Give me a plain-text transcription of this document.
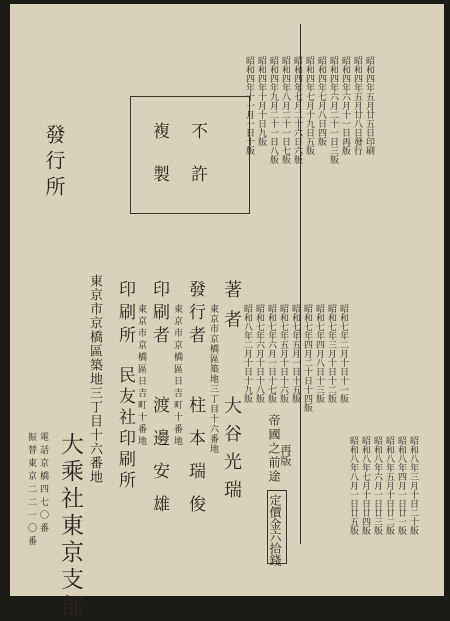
不許
複製
發行所
昭和四年五月廿五日印刷
昭和四年五月廿八日發行
昭和四年六月十一日再版
昭和四年六月二十一日三版
昭和四年七月八日四版
昭和四年七月十九日五版
昭和四年七月二十六日六版
昭和四年八月二十一日七版
昭和四年九月二十一日八版
昭和四年十月十日九版
昭和四年十一月一日十版
昭和七年二月十日十一版
昭和七年三月十日十二版
昭和七年四月八日十三版
昭和七年四月二十日十四版
昭和七年五月一日十五版
昭和七年五月十日十六版
昭和七年六月一日十七版
昭和七年六月十日十八版
昭和八年二月十日十九版
昭和八年三月十日二十版
昭和八年四月一日廿一版
昭和八年五月十日廿二版
昭和八年六月一日廿三版
昭和八年七月十日廿四版
昭和八年八月一日廿五版
再版
帝國之前途
定價金六拾錢
著者
大谷光瑞
東京市京橋區築地三丁目十六番地
發行者
柱本瑞俊
東京市京橋區日吉町十番地
印刷者
渡邊安雄
東京市京橋區日吉町十番地
印刷所
民友社印刷所
東京市京橋區築地三丁目十六番地
大乘社東京支部
電話京橋四七〇番
振替東京二二一〇番
